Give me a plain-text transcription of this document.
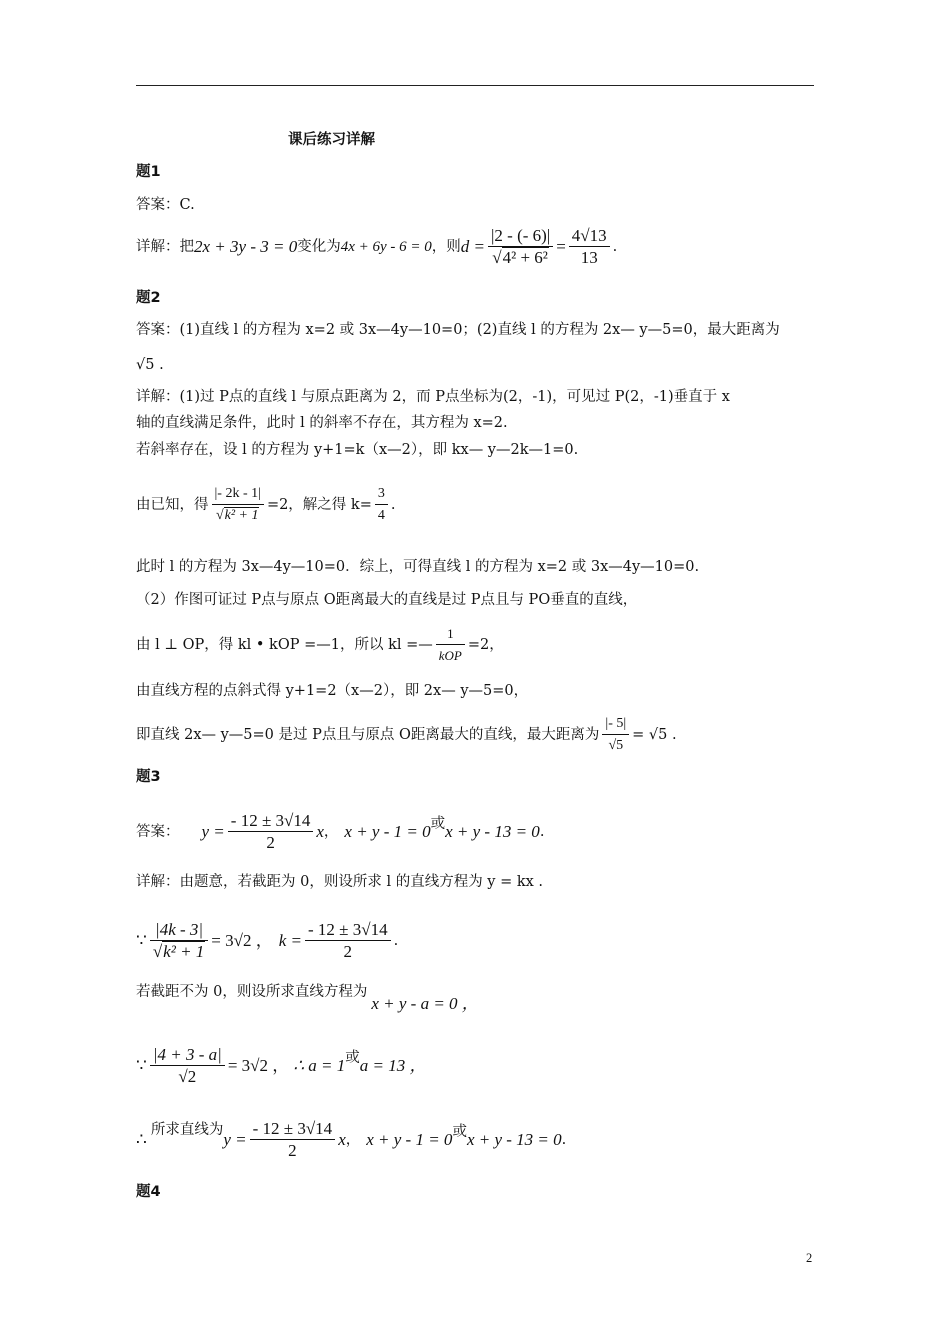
课后练习详解
题1
答案：C.
详解：把 2x + 3y - 3 = 0 变化为 4x + 6y - 6 = 0 ，则 $d = \frac{|2 - (- 6)|}{\text{√4² + 6²}} = \frac{4√13}{13}$ .
题2
答案：(1)直线 l 的方程为 x=2 或 3x—4y—10=0；(2)直线 l 的方程为 2x— y—5=0，最大距离为
√5 .
详解：(1)过 P点的直线 l 与原点距离为 2，而 P点坐标为(2，-1)，可见过 P(2，-1)垂直于 x
轴的直线满足条件，此时 l 的斜率不存在，其方程为 x=2.
若斜率存在，设 l 的方程为 y+1=k（x—2），即 kx— y—2k—1=0.
由已知，得 $\frac{|- 2k - 1|}{\text{√k² + 1}} =2$，解之得 $k= \frac{3}{4}$ .
此时 l 的方程为 3x—4y—10=0．综上，可得直线 l 的方程为 x=2 或 3x—4y—10=0.
（2）作图可证过 P点与原点 O距离最大的直线是过 P点且与 PO垂直的直线，
由 l ⊥ OP，得 kl • kOP =—1，所以 kl =— $\frac{1}{\text{kOP}} =2$，
由直线方程的点斜式得 y+1=2（x—2），即 2x— y—5=0，
即直线 2x— y—5=0 是过 P点且与原点 O距离最大的直线，最大距离为 $\frac{|- 5|}{√5} = √5$ .
题3
答案： $y = \frac{- 12 \pm 3√14}{2}$ x ， x + y - 1 = 0 或 x + y - 13 = 0 .
详解：由题意，若截距为 0，则设所求 l 的直线方程为 y = kx .
∵ $\frac{|4k - 3|}{\text{√k² + 1}} = 3√2$ ， $k = \frac{- 12 \pm 3√14}{2}$ .
若截距不为 0，则设所求直线方程为
x + y - a = 0 ，
∵ $\frac{|4 + 3 - a|}{√2} = 3√2$ ， ∴ a = 1 或 a = 13 ，
∴ 所求直线为 $y = \frac{- 12 \pm 3√14}{2}$ x ， x + y - 1 = 0 或 x + y - 13 = 0 .
题4
2
